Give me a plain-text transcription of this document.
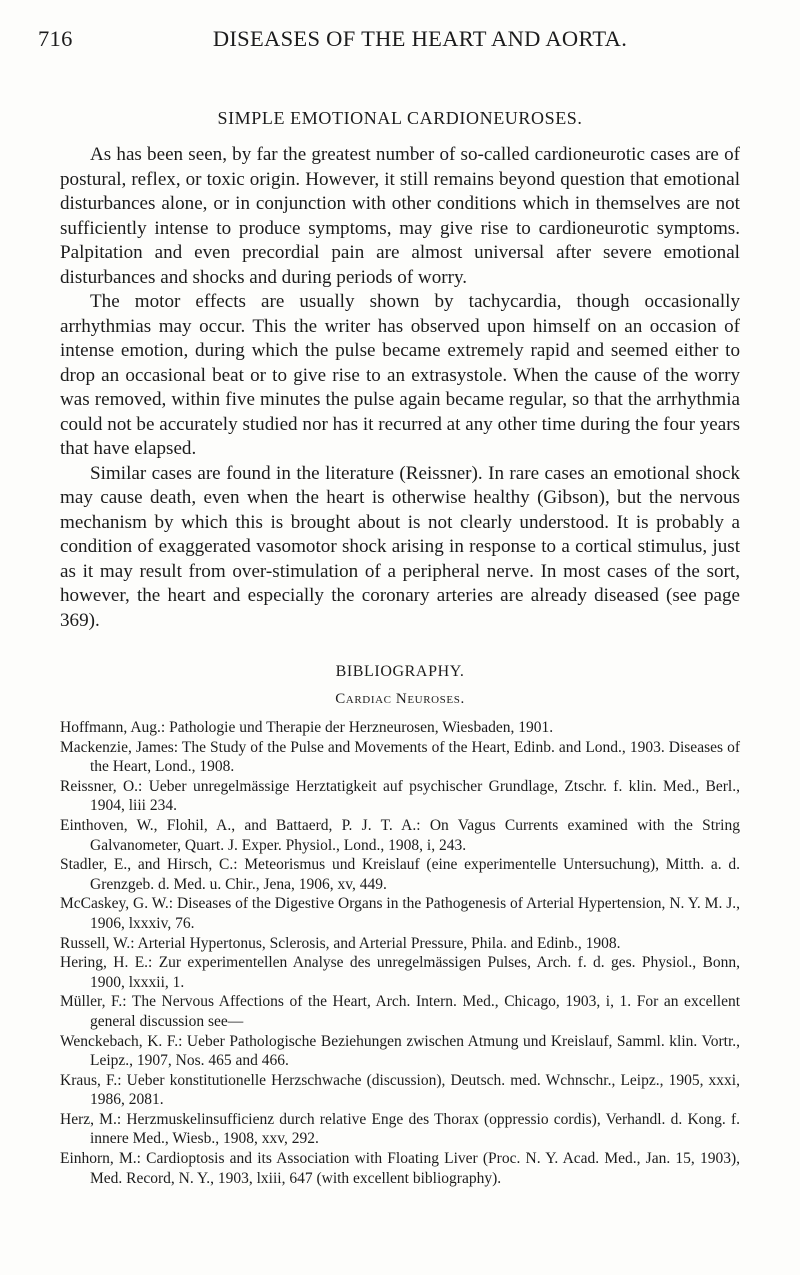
716	DISEASES OF THE HEART AND AORTA.
SIMPLE EMOTIONAL CARDIONEUROSES.

As has been seen, by far the greatest number of so-called cardioneurotic cases are of postural, reflex, or toxic origin. However, it still remains beyond question that emotional disturbances alone, or in conjunction with other conditions which in themselves are not sufficiently intense to produce symptoms, may give rise to cardioneurotic symptoms. Palpitation and even precordial pain are almost universal after severe emotional disturbances and shocks and during periods of worry.

The motor effects are usually shown by tachycardia, though occasionally arrhythmias may occur. This the writer has observed upon himself on an occasion of intense emotion, during which the pulse became extremely rapid and seemed either to drop an occasional beat or to give rise to an extrasystole. When the cause of the worry was removed, within five minutes the pulse again became regular, so that the arrhythmia could not be accurately studied nor has it recurred at any other time during the four years that have elapsed.

Similar cases are found in the literature (Reissner). In rare cases an emotional shock may cause death, even when the heart is otherwise healthy (Gibson), but the nervous mechanism by which this is brought about is not clearly understood. It is probably a condition of exaggerated vasomotor shock arising in response to a cortical stimulus, just as it may result from over-stimulation of a peripheral nerve. In most cases of the sort, however, the heart and especially the coronary arteries are already diseased (see page 369).

BIBLIOGRAPHY.
Cardiac Neuroses.
Hoffmann, Aug.: Pathologie und Therapie der Herzneurosen, Wiesbaden, 1901.
Mackenzie, James: The Study of the Pulse and Movements of the Heart, Edinb. and Lond., 1903. Diseases of the Heart, Lond., 1908.
Reissner, O.: Ueber unregelmässige Herztatigkeit auf psychischer Grundlage, Ztschr. f. klin. Med., Berl., 1904, liii 234.
Einthoven, W., Flohil, A., and Battaerd, P. J. T. A.: On Vagus Currents examined with the String Galvanometer, Quart. J. Exper. Physiol., Lond., 1908, i, 243.
Stadler, E., and Hirsch, C.: Meteorismus und Kreislauf (eine experimentelle Untersuchung), Mitth. a. d. Grenzgeb. d. Med. u. Chir., Jena, 1906, xv, 449.
McCaskey, G. W.: Diseases of the Digestive Organs in the Pathogenesis of Arterial Hypertension, N. Y. M. J., 1906, lxxxiv, 76.
Russell, W.: Arterial Hypertonus, Sclerosis, and Arterial Pressure, Phila. and Edinb., 1908.
Hering, H. E.: Zur experimentellen Analyse des unregelmässigen Pulses, Arch. f. d. ges. Physiol., Bonn, 1900, lxxxii, 1.
Müller, F.: The Nervous Affections of the Heart, Arch. Intern. Med., Chicago, 1903, i, 1. For an excellent general discussion see—
Wenckebach, K. F.: Ueber Pathologische Beziehungen zwischen Atmung und Kreislauf, Samml. klin. Vortr., Leipz., 1907, Nos. 465 and 466.
Kraus, F.: Ueber konstitutionelle Herzschwache (discussion), Deutsch. med. Wchnschr., Leipz., 1905, xxxi, 1986, 2081.
Herz, M.: Herzmuskelinsufficienz durch relative Enge des Thorax (oppressio cordis), Verhandl. d. Kong. f. innere Med., Wiesb., 1908, xxv, 292.
Einhorn, M.: Cardioptosis and its Association with Floating Liver (Proc. N. Y. Acad. Med., Jan. 15, 1903), Med. Record, N. Y., 1903, lxiii, 647 (with excellent bibliography).
